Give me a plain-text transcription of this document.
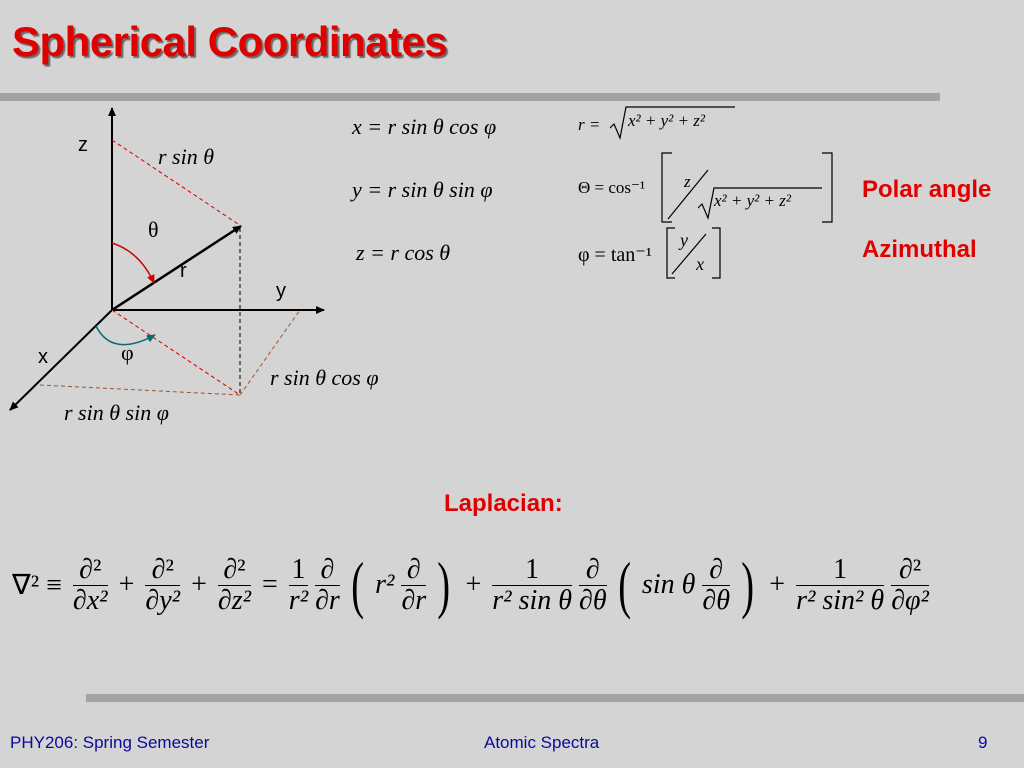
Spherical Coordinates
z
y
x
r
θ
φ
r sin θ
r sin θ cos φ
r sin θ sin φ
x = r sin θ cos φ
y = r sin θ sin φ
z = r cos θ
r = x² + y² + z²
Θ = cos⁻¹ z
x² + y² + z²
φ = tan⁻¹
y
x
Polar angle
Azimuthal
Laplacian:
$\nabla^2 \equiv \frac{\text{∂²}}{\text{∂x²}} + \frac{\text{∂²}}{\text{∂y²}} + \frac{\text{∂²}}{\text{∂z²}} = \frac{1}{\text{r²}}$
$\frac{\partial}{\partial r}$ ( $r^2 \frac{\partial}{\partial r}$ ) + $\frac{1}{\text{r² sin θ}}$
$\frac{\partial}{\partial\theta}$ ( sin θ $\frac{\partial}{\partial\theta}$ ) + $\frac{1}{\text{r² sin² θ}}$
$\frac{\text{∂²}}{\text{∂φ²}}$
PHY206: Spring Semester	Atomic Spectra	9
